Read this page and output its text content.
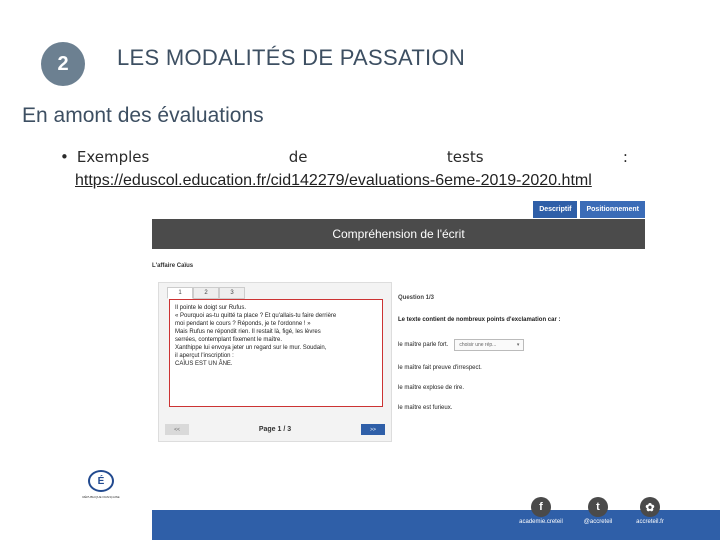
2	LES MODALITÉS DE PASSATION
En amont des évaluations
• Exemples	de	tests	:
https://eduscol.education.fr/cid142279/evaluations-6eme-2019-2020.html
Descriptif	Positionnement
Compréhension de l'écrit
L'affaire Caïus
1	2	3

Il pointe le doigt sur Rufus.
« Pourquoi as-tu quitté ta place ? Et qu'allais-tu faire derrière
moi pendant le cours ? Réponds, je te l'ordonne ! »
Mais Rufus ne répondit rien. Il restait là, figé, les lèvres
serrées, contemplant fixement le maître.
Xanthippe lui envoya jeter un regard sur le mur. Soudain,
il aperçut l'inscription :
CAÏUS EST UN ÂNE.

<<	Page 1 / 3	>>
Question 1/3
Le texte contient de nombreux points d'exclamation car :
le maître parle fort. choisir une rép...	▾
le maître fait preuve d'irrespect.
le maître explose de rire.
le maître est furieux.
É
RÉPUBLIQUE FRANÇAISE
f
academie.creteil
t
@accreteil
✿
accreteil.fr
